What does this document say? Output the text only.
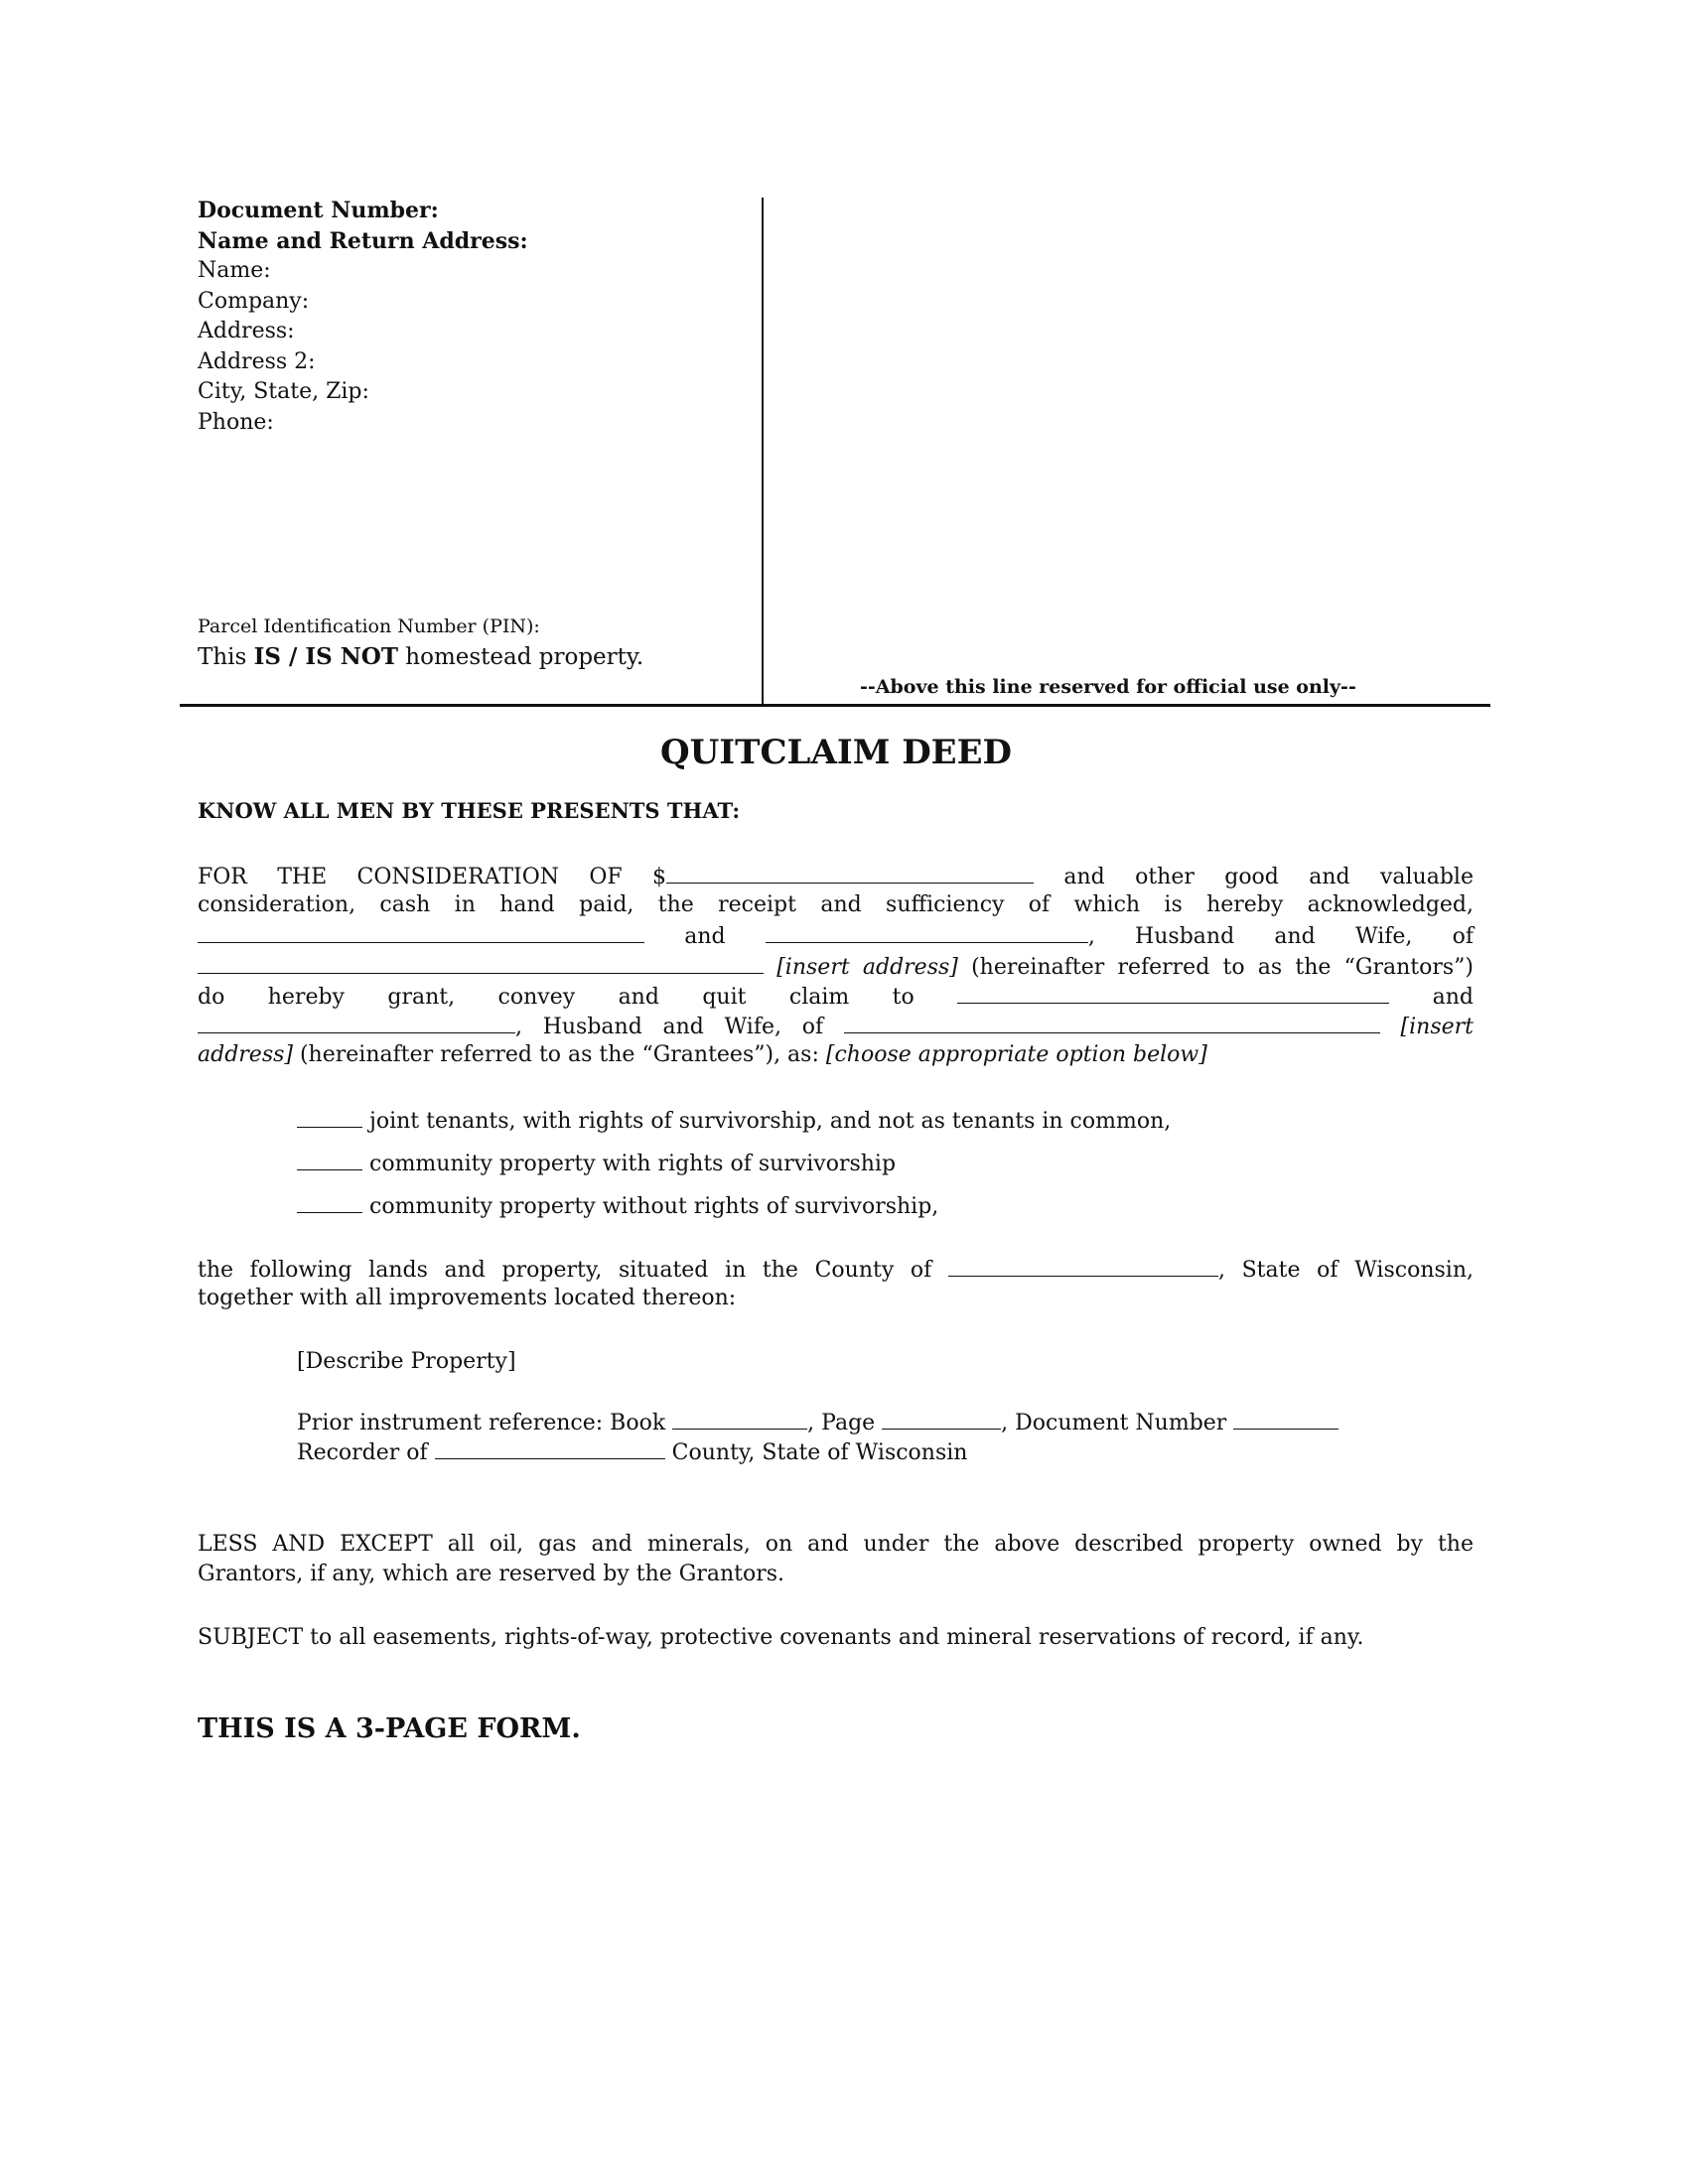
Document Number:
Name and Return Address:
Name:
Company:
Address:
Address 2:
City, State, Zip:
Phone:
Parcel Identification Number (PIN):
This IS / IS NOT homestead property.
--Above this line reserved for official use only--
QUITCLAIM DEED
KNOW ALL MEN BY THESE PRESENTS THAT:
FOR THE CONSIDERATION OF $	and other good and valuable
consideration, cash in hand paid, the receipt and sufficiency of which is hereby acknowledged,
and	, Husband and Wife, of
[insert address] (hereinafter referred to as the “Grantors”)
do hereby grant, convey and quit claim to	and
, Husband and Wife, of	[insert
address] (hereinafter referred to as the “Grantees”), as: [choose appropriate option below]
joint tenants, with rights of survivorship, and not as tenants in common,
community property with rights of survivorship
community property without rights of survivorship,
the following lands and property, situated in the County of	, State of Wisconsin,
together with all improvements located thereon:
[Describe Property]
Prior instrument reference: Book	, Page	, Document Number
Recorder of	County, State of Wisconsin
LESS AND EXCEPT all oil, gas and minerals, on and under the above described property owned by the
Grantors, if any, which are reserved by the Grantors.
SUBJECT to all easements, rights-of-way, protective covenants and mineral reservations of record, if any.
THIS IS A 3-PAGE FORM.
